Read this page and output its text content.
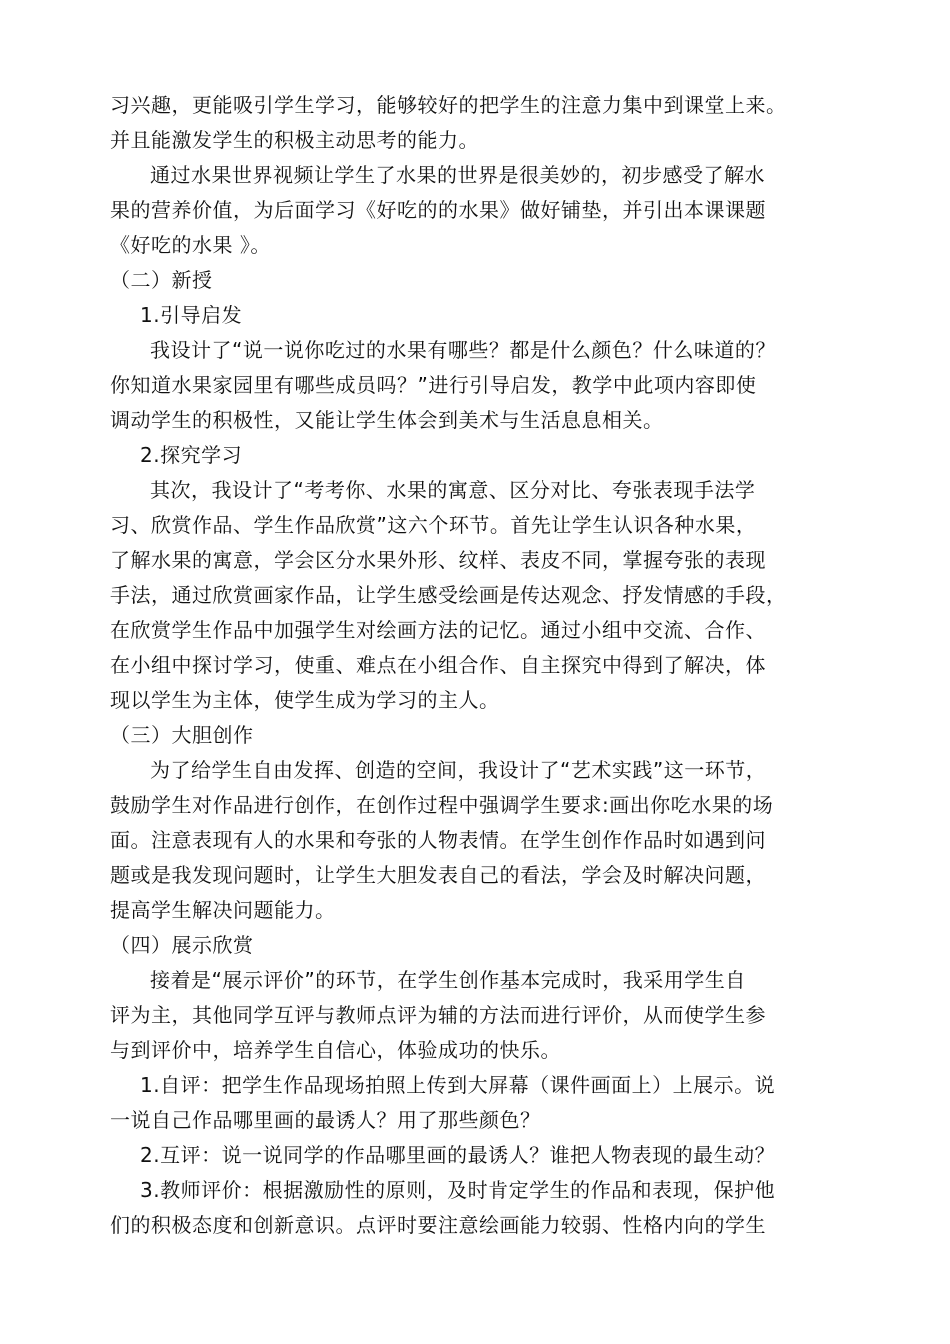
习兴趣，更能吸引学生学习，能够较好的把学生的注意力集中到课堂上来。
并且能激发学生的积极主动思考的能力。
通过水果世界视频让学生了水果的世界是很美妙的，初步感受了解水
果的营养价值，为后面学习《好吃的的水果》做好铺垫，并引出本课课题
《好吃的水果 》。
（二）新授
1.引导启发
我设计了“说一说你吃过的水果有哪些？都是什么颜色？什么味道的？
你知道水果家园里有哪些成员吗？”进行引导启发，教学中此项内容即使
调动学生的积极性，又能让学生体会到美术与生活息息相关。
2.探究学习
其次，我设计了“考考你、水果的寓意、区分对比、夸张表现手法学
习、欣赏作品、学生作品欣赏”这六个环节。首先让学生认识各种水果，
了解水果的寓意，学会区分水果外形、纹样、表皮不同，掌握夸张的表现
手法，通过欣赏画家作品，让学生感受绘画是传达观念、抒发情感的手段，
在欣赏学生作品中加强学生对绘画方法的记忆。通过小组中交流、合作、
在小组中探讨学习，使重、难点在小组合作、自主探究中得到了解决，体
现以学生为主体，使学生成为学习的主人。
（三）大胆创作
为了给学生自由发挥、创造的空间，我设计了“艺术实践”这一环节，
鼓励学生对作品进行创作，在创作过程中强调学生要求:画出你吃水果的场
面。注意表现有人的水果和夸张的人物表情。在学生创作作品时如遇到问
题或是我发现问题时，让学生大胆发表自己的看法，学会及时解决问题，
提高学生解决问题能力。
（四）展示欣赏
接着是“展示评价”的环节，在学生创作基本完成时，我采用学生自
评为主，其他同学互评与教师点评为辅的方法而进行评价，从而使学生参
与到评价中，培养学生自信心，体验成功的快乐。
1.自评：把学生作品现场拍照上传到大屏幕（课件画面上）上展示。说
一说自己作品哪里画的最诱人？用了那些颜色？
2.互评：说一说同学的作品哪里画的最诱人？谁把人物表现的最生动？
3.教师评价：根据激励性的原则，及时肯定学生的作品和表现，保护他
们的积极态度和创新意识。点评时要注意绘画能力较弱、性格内向的学生
